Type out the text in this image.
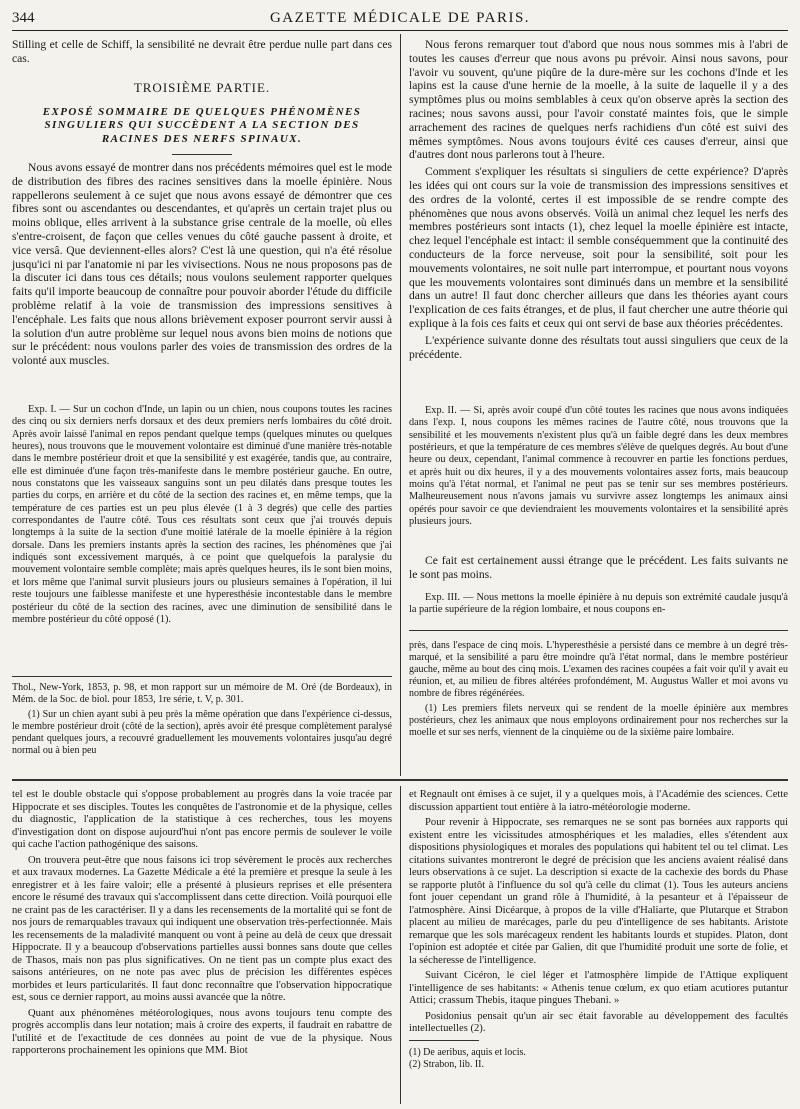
344	GAZETTE MÉDICALE DE PARIS.

Stilling et celle de Schiff, la sensibilité ne devrait être perdue nulle part dans ces cas.

TROISIÈME PARTIE.
EXPOSÉ SOMMAIRE DE QUELQUES PHÉNOMÈNES SINGULIERS QUI SUCCÈDENT A LA SECTION DES RACINES DES NERFS SPINAUX.

Nous avons essayé de montrer dans nos précédents mémoires quel est le mode de distribution des fibres des racines sensitives dans la moelle épinière. Nous rappellerons seulement à ce sujet que nous avons essayé de démontrer que ces fibres sont ou ascendantes ou descendantes, et qu'après un certain trajet plus ou moins oblique, elles arrivent à la substance grise centrale de la moelle, où elles s'entre-croisent, de façon que celles venues du côté gauche passent à droite, et vice versâ. Que deviennent-elles alors? C'est là une question, qui n'a été résolue jusqu'ici ni par l'anatomie ni par les vivisections. Nous ne nous proposons pas de la discuter ici dans tous ces détails; nous voulons seulement rapporter quelques faits qu'il importe beaucoup de connaître pour pouvoir aborder l'étude du difficile problème relatif à la voie de transmission des impressions sensitives à l'encéphale. Les faits que nous allons brièvement exposer pourront servir aussi à la solution d'un autre problème sur lequel nous avons bien moins de notions que sur le précédent: nous voulons parler des voies de transmission des ordres de la volonté aux muscles.

Exp. I. — Sur un cochon d'Inde, un lapin ou un chien, nous coupons toutes les racines des cinq ou six derniers nerfs dorsaux et des deux premiers nerfs lombaires du côté droit. Après avoir laissé l'animal en repos pendant quelque temps (quelques minutes ou quelques heures), nous trouvons que le mouvement volontaire est diminué d'une manière très-notable dans le membre postérieur droit et que la sensibilité y est exagérée, tandis que, au contraire, elle est diminuée d'une façon très-manifeste dans le membre postérieur gauche. En outre, nous constatons que les vaisseaux sanguins sont un peu dilatés dans presque toutes les parties du corps, en arrière et du côté de la section des racines et, en même temps, que la température de ces parties est un peu plus élevée (1 à 3 degrés) que celle des parties correspondantes de l'autre côté. Tous ces résultats sont ceux que j'ai trouvés depuis longtemps à la suite de la section d'une moitié latérale de la moelle épinière à la région dorsale. Dans les premiers instants après la section des racines, les phénomènes que j'ai indiqués sont excessivement marqués, à ce point que quelquefois la paralysie du mouvement volontaire semble complète; mais après quelques heures, ils le sont bien moins, et lors même que l'animal survit plusieurs jours ou plusieurs semaines à l'opération, il lui reste toujours une faiblesse manifeste et une hyperesthésie incontestable dans le membre postérieur du côté de la section des racines, avec une diminution de sensibilité dans le membre postérieur du côté opposé (1).

Thol., New-York, 1853, p. 98, et mon rapport sur un mémoire de M. Oré (de Bordeaux), in Mém. de la Soc. de biol. pour 1853, 1re série, t. V, p. 301.

(1) Sur un chien ayant subi à peu près la même opération que dans l'expérience ci-dessus, le membre postérieur droit (côté de la section), après avoir été presque complètement paralysé pendant quelques jours, a recouvré graduellement les mouvements volontaires jusqu'au degré normal ou à bien peu

Nous ferons remarquer tout d'abord que nous nous sommes mis à l'abri de toutes les causes d'erreur que nous avons pu prévoir. Ainsi nous savons, pour l'avoir vu souvent, qu'une piqûre de la dure-mère sur les cochons d'Inde et les lapins est la cause d'une hernie de la moelle, à la suite de laquelle il y a des symptômes plus ou moins semblables à ceux qu'on observe après la section des racines; nous savons aussi, pour l'avoir constaté maintes fois, que le simple arrachement des racines de quelques nerfs rachidiens d'un côté est suivi des mêmes symptômes. Nous avons toujours évité ces causes d'erreur, ainsi que d'autres dont nous parlerons tout à l'heure.

Comment s'expliquer les résultats si singuliers de cette expérience? D'après les idées qui ont cours sur la voie de transmission des impressions sensitives et des ordres de la volonté, certes il est impossible de se rendre compte des phénomènes que nous avons observés. Voilà un animal chez lequel les nerfs des membres postérieurs sont intacts (1), chez lequel la moelle épinière est intacte, chez lequel l'encéphale est intact: il semble conséquemment que la continuité des conducteurs de la force nerveuse, soit pour la sensibilité, soit pour les mouvements volontaires, ne soit nulle part interrompue, et pourtant nous voyons que les mouvements volontaires sont diminués dans un membre et la sensibilité dans un autre! Il faut donc chercher ailleurs que dans les théories ayant cours l'explication de ces faits étranges, et de plus, il faut chercher une autre théorie qui explique à la fois ces faits et ceux qui ont servi de base aux théories précédentes.

L'expérience suivante donne des résultats tout aussi singuliers que ceux de la précédente.

Exp. II. — Si, après avoir coupé d'un côté toutes les racines que nous avons indiquées dans l'exp. I, nous coupons les mêmes racines de l'autre côté, nous trouvons que la sensibilité et les mouvements n'existent plus qu'à un faible degré dans les deux membres postérieurs, et que la température de ces membres s'élève de quelques degrés. Au bout d'une heure ou deux, cependant, l'animal commence à recouvrer en partie les fonctions perdues, et après huit ou dix heures, il y a des mouvements volontaires assez forts, mais beaucoup moins qu'à l'état normal, et l'animal ne peut pas se tenir sur ses membres postérieurs. Malheureusement nous n'avons jamais vu survivre assez longtemps les animaux ainsi opérés pour savoir ce que deviendraient les mouvements volontaires et la sensibilité après plusieurs jours.

Ce fait est certainement aussi étrange que le précédent. Les faits suivants ne le sont pas moins.

Exp. III. — Nous mettons la moelle épinière à nu depuis son extrémité caudale jusqu'à la partie supérieure de la région lombaire, et nous coupons en-

près, dans l'espace de cinq mois. L'hyperesthésie a persisté dans ce membre à un degré très-marqué, et la sensibilité a paru être moindre qu'à l'état normal, dans le membre postérieur gauche, même au bout des cinq mois. L'examen des racines coupées a fait voir qu'il y avait eu réunion, et, au milieu de fibres altérées profondément, M. Augustus Waller et moi avons vu nombre de fibres régénérées.

(1) Les premiers filets nerveux qui se rendent de la moelle épinière aux membres postérieurs, chez les animaux que nous employons ordinairement pour nos recherches sur la moelle et sur ses nerfs, viennent de la cinquième ou de la sixième paire lombaire.

tel est le double obstacle qui s'oppose probablement au progrès dans la voie tracée par Hippocrate et ses disciples. Toutes les conquêtes de l'astronomie et de la physique, celles du diagnostic, l'application de la statistique à ces recherches, tous les moyens d'investigation dont on dispose aujourd'hui n'ont pas encore permis de soulever le voile qui cache l'action pathogénique des saisons.

On trouvera peut-être que nous faisons ici trop sévèrement le procès aux recherches et aux travaux modernes. La Gazette Médicale a été la première et presque la seule à les enregistrer et à les faire valoir; elle a présenté à plusieurs reprises et elle présentera encore le résumé des travaux qui s'accomplissent dans cette direction. Voilà pourquoi elle ne craint pas de les caractériser. Il y a dans les recensements de la mortalité qui se font de nos jours de remarquables travaux qui indiquent une observation très-perfectionnée. Mais les recensements de la maladivité manquent ou vont à peine au delà de ceux que dressait Hippocrate. Il y a beaucoup d'observations partielles aussi bonnes sans doute que celles de Thasos, mais non pas plus significatives. On ne tient pas un compte plus exact des saisons antérieures, on ne note pas avec plus de précision les différentes espèces morbides et leurs particularités. Il faut donc reconnaître que l'observation hippocratique est, sous ce dernier rapport, au moins aussi avancée que la nôtre.

Quant aux phénomènes météorologiques, nous avons toujours tenu compte des progrès accomplis dans leur notation; mais à croire des experts, il faudrait en rabattre de l'utilité et de l'exactitude de ces données au point de vue de la physique. Nous rapporterons prochainement les opinions que MM. Biot

et Regnault ont émises à ce sujet, il y a quelques mois, à l'Académie des sciences. Cette discussion appartient tout entière à la iatro-météorologie moderne.

Pour revenir à Hippocrate, ses remarques ne se sont pas bornées aux rapports qui existent entre les vicissitudes atmosphériques et les maladies, elles s'étendent aux dispositions physiologiques et morales des populations qui habitent tel ou tel climat. Les citations suivantes montreront le degré de précision que les anciens avaient réalisé dans leurs observations à ce sujet. La description si exacte de la cachexie des bords du Phase se rapporte plutôt à l'influence du sol qu'à celle du climat (1). Tous les auteurs anciens font jouer cependant un grand rôle à l'humidité, à la pesanteur et à l'épaisseur de l'atmosphère. Ainsi Dicéarque, à propos de la ville d'Haliarte, que Plutarque et Strabon placent au milieu de marécages, parle du peu d'intelligence de ses habitants. Aristote remarque que les sols marécageux rendent les habitants lourds et stupides. Platon, dont l'opinion est adoptée et citée par Galien, dit que l'humidité produit une sorte de folie, et la sécheresse de l'intelligence.

Suivant Cicéron, le ciel léger et l'atmosphère limpide de l'Attique expliquent l'intelligence de ses habitants: « Athenis tenue cœlum, ex quo etiam acutiores putantur Attici; crassum Thebis, itaque pingues Thebani. »

Posidonius pensait qu'un air sec était favorable au développement des facultés intellectuelles (2).

(1) De aeribus, aquis et locis.

(2) Strabon, lib. II.
